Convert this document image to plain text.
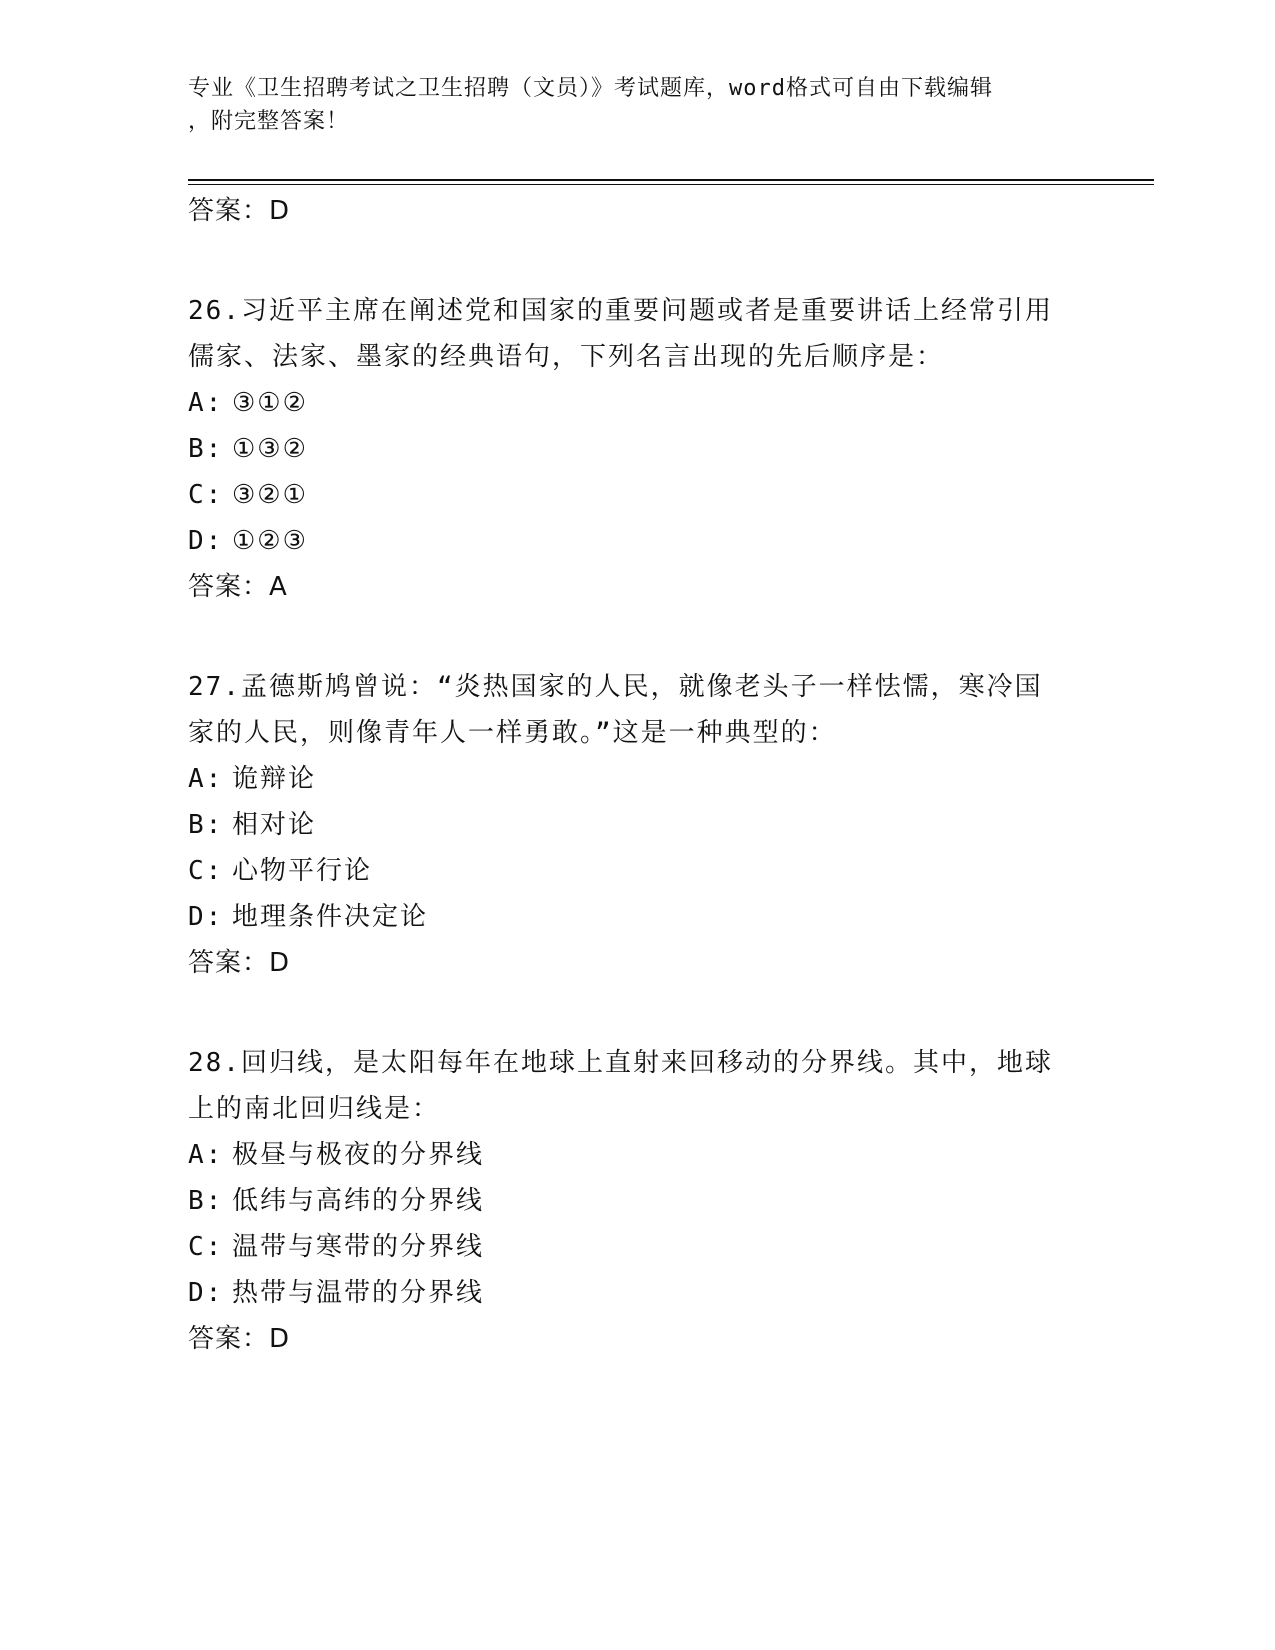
专业《卫生招聘考试之卫生招聘（文员）》考试题库，word格式可自由下载编辑
，附完整答案！
答案：D
26.习近平主席在阐述党和国家的重要问题或者是重要讲话上经常引用儒家、法家、墨家的经典语句，下列名言出现的先后顺序是：
A: ③①②
B: ①③②
C: ③②①
D: ①②③
答案：A
27.孟德斯鸠曾说：“炎热国家的人民，就像老头子一样怯懦，寒冷国家的人民，则像青年人一样勇敢。”这是一种典型的：
A: 诡辩论
B: 相对论
C: 心物平行论
D: 地理条件决定论
答案：D
28.回归线，是太阳每年在地球上直射来回移动的分界线。其中，地球上的南北回归线是：
A: 极昼与极夜的分界线
B: 低纬与高纬的分界线
C: 温带与寒带的分界线
D: 热带与温带的分界线
答案：D
